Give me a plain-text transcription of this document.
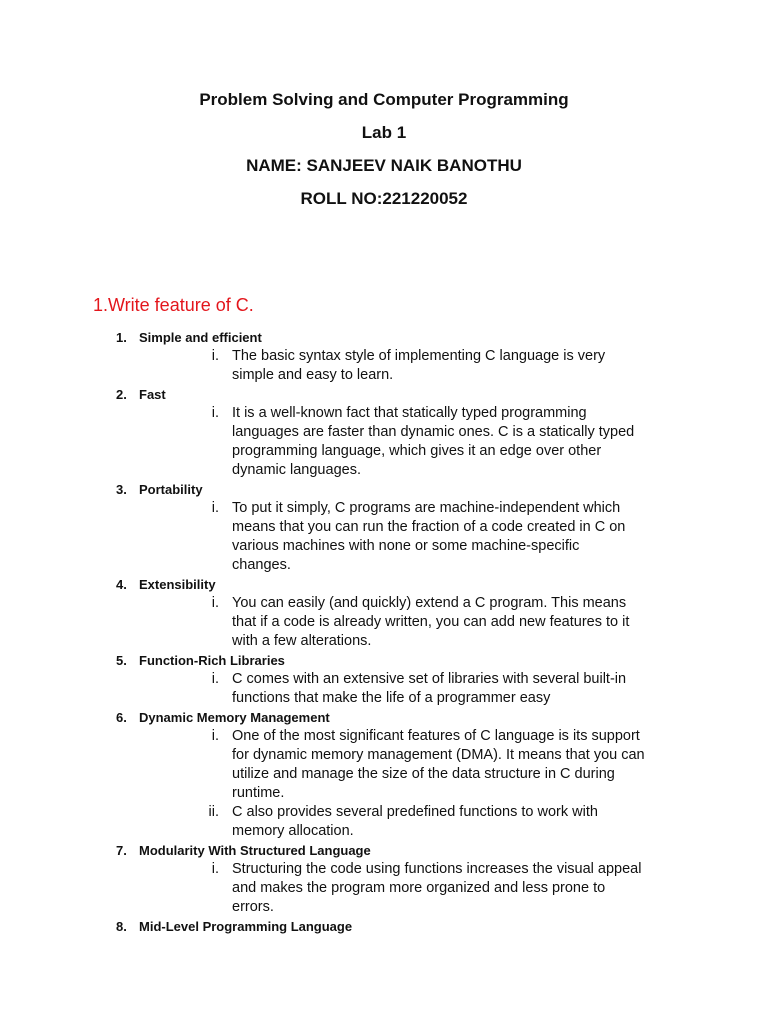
Problem Solving and Computer Programming
Lab 1
NAME: SANJEEV NAIK BANOTHU
ROLL NO:221220052
1.Write feature of C.
1. Simple and efficient
i. The basic syntax style of implementing C language is very
simple and easy to learn.
2. Fast
i. It is a well-known fact that statically typed programming
languages are faster than dynamic ones. C is a statically typed
programming language, which gives it an edge over other
dynamic languages.
3. Portability
i. To put it simply, C programs are machine-independent which
means that you can run the fraction of a code created in C on
various machines with none or some machine-specific
changes.
4. Extensibility
i. You can easily (and quickly) extend a C program. This means
that if a code is already written, you can add new features to it
with a few alterations.
5. Function-Rich Libraries
i. C comes with an extensive set of libraries with several built-in
functions that make the life of a programmer easy
6. Dynamic Memory Management
i. One of the most significant features of C language is its support
for dynamic memory management (DMA). It means that you can
utilize and manage the size of the data structure in C during
runtime.
ii. C also provides several predefined functions to work with
memory allocation.
7. Modularity With Structured Language
i. Structuring the code using functions increases the visual appeal
and makes the program more organized and less prone to
errors.
8. Mid-Level Programming Language
